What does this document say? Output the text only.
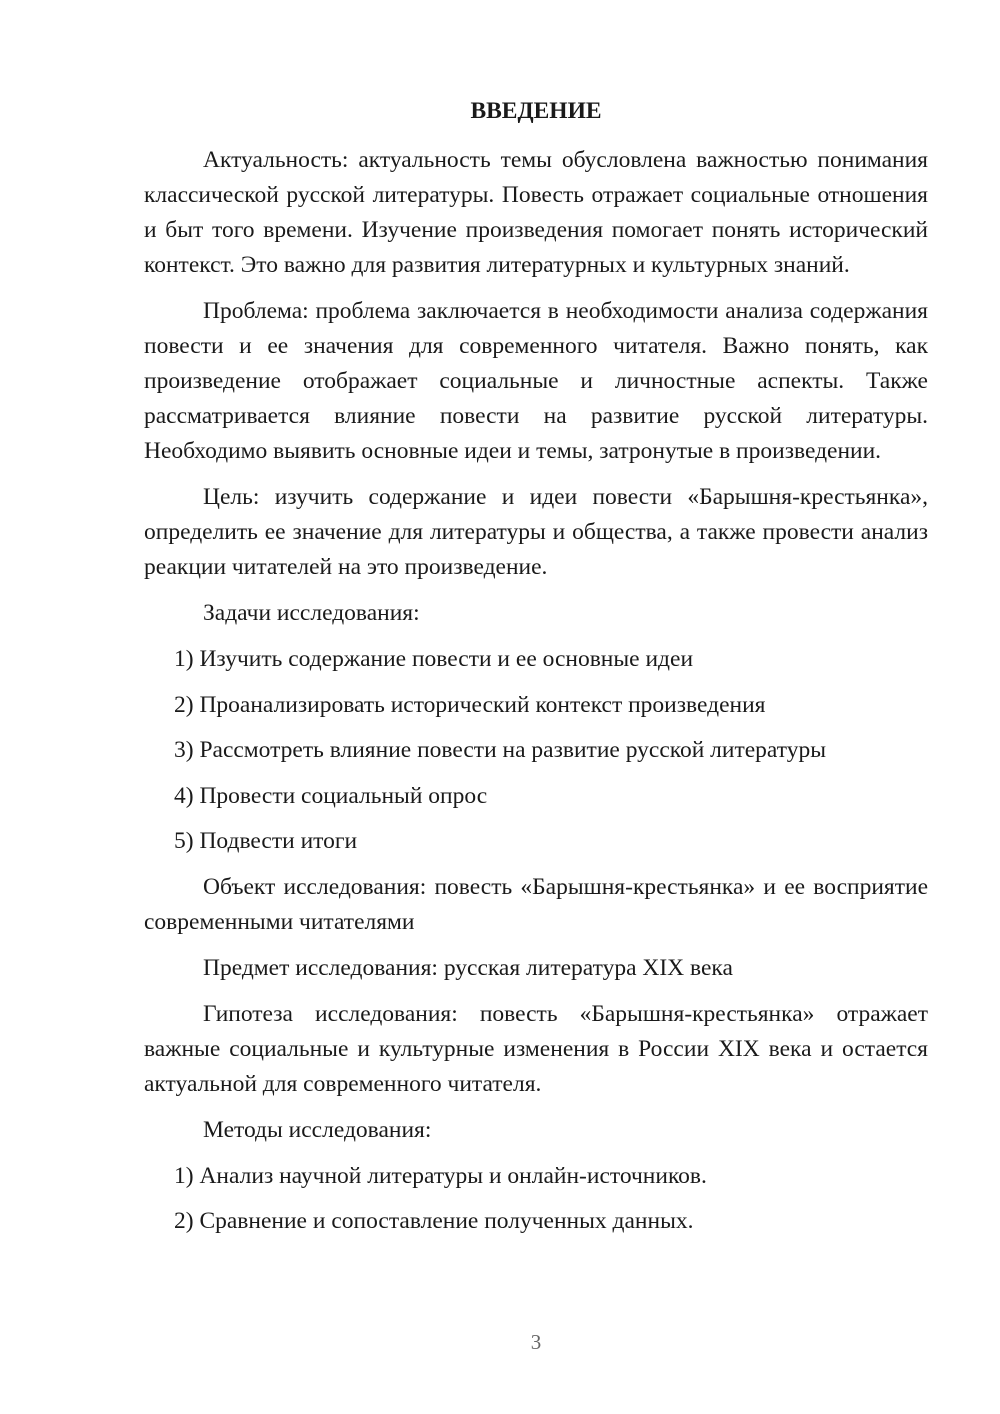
ВВЕДЕНИЕ
Актуальность: актуальность темы обусловлена важностью понимания классической русской литературы. Повесть отражает социальные отношения и быт того времени. Изучение произведения помогает понять исторический контекст. Это важно для развития литературных и культурных знаний.
Проблема: проблема заключается в необходимости анализа содержания повести и ее значения для современного читателя. Важно понять, как произведение отображает социальные и личностные аспекты. Также рассматривается влияние повести на развитие русской литературы. Необходимо выявить основные идеи и темы, затронутые в произведении.
Цель: изучить содержание и идеи повести «Барышня-крестьянка», определить ее значение для литературы и общества, а также провести анализ реакции читателей на это произведение.
Задачи исследования:
1) Изучить содержание повести и ее основные идеи
2) Проанализировать исторический контекст произведения
3) Рассмотреть влияние повести на развитие русской литературы
4) Провести социальный опрос
5) Подвести итоги
Объект исследования: повесть «Барышня-крестьянка» и ее восприятие современными читателями
Предмет исследования: русская литература XIX века
Гипотеза исследования: повесть «Барышня-крестьянка» отражает важные социальные и культурные изменения в России XIX века и остается актуальной для современного читателя.
Методы исследования:
1) Анализ научной литературы и онлайн-источников.
2) Сравнение и сопоставление полученных данных.
3
